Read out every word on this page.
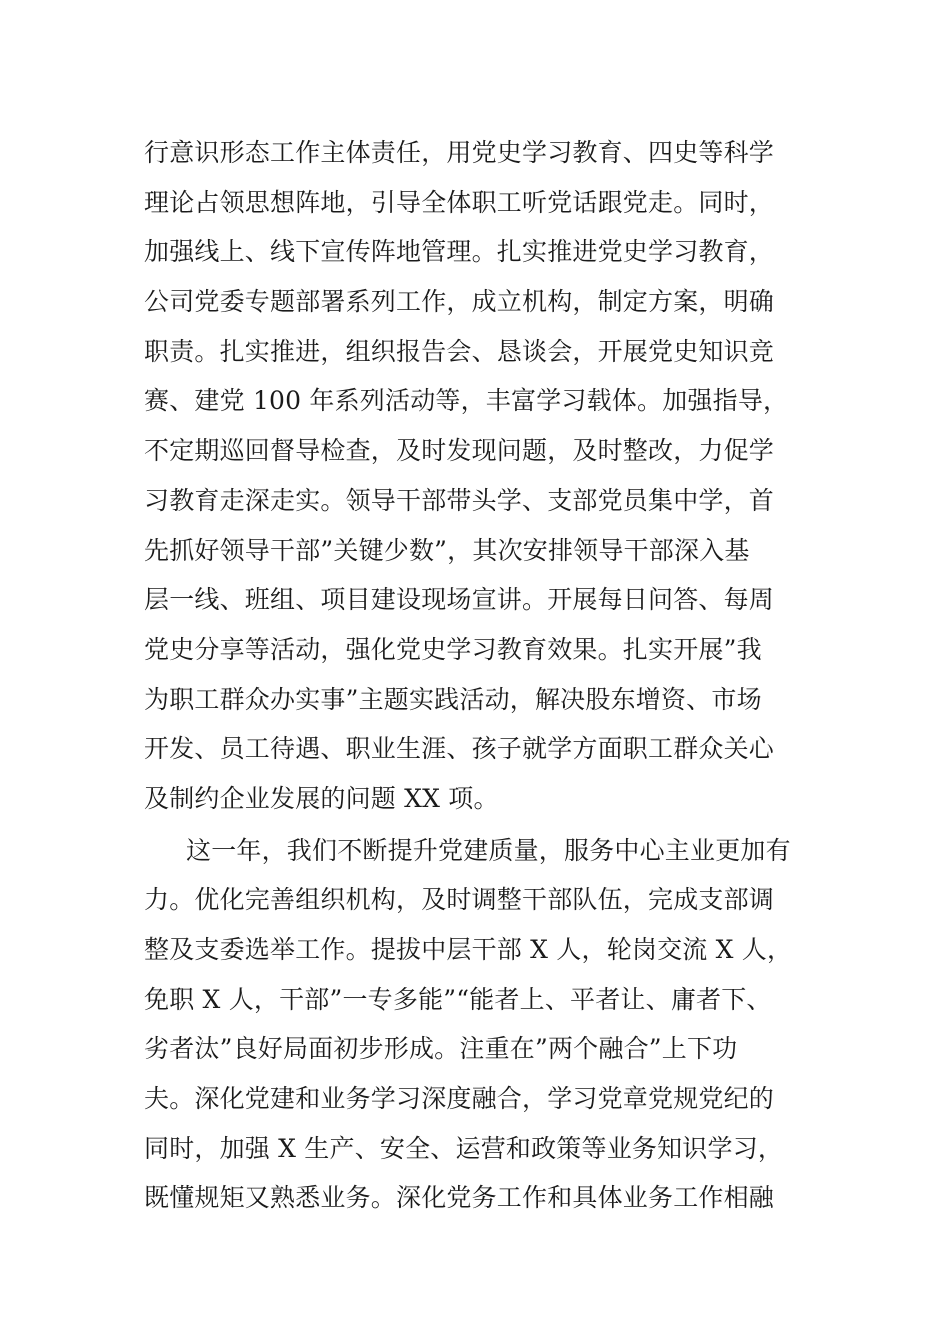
行意识形态工作主体责任，用党史学习教育、四史等科学
理论占领思想阵地，引导全体职工听党话跟党走。同时，
加强线上、线下宣传阵地管理。扎实推进党史学习教育，
公司党委专题部署系列工作，成立机构，制定方案，明确
职责。扎实推进，组织报告会、恳谈会，开展党史知识竞
赛、建党 100 年系列活动等，丰富学习载体。加强指导，
不定期巡回督导检查，及时发现问题，及时整改，力促学
习教育走深走实。领导干部带头学、支部党员集中学，首
先抓好领导干部”关键少数”，其次安排领导干部深入基
层一线、班组、项目建设现场宣讲。开展每日问答、每周
党史分享等活动，强化党史学习教育效果。扎实开展”我
为职工群众办实事”主题实践活动，解决股东增资、市场
开发、员工待遇、职业生涯、孩子就学方面职工群众关心
及制约企业发展的问题 XX 项。
这一年，我们不断提升党建质量，服务中心主业更加有
力。优化完善组织机构，及时调整干部队伍，完成支部调
整及支委选举工作。提拔中层干部 X 人，轮岗交流 X 人，
免职 X 人，干部”一专多能”“能者上、平者让、庸者下、
劣者汰”良好局面初步形成。注重在”两个融合”上下功
夫。深化党建和业务学习深度融合，学习党章党规党纪的
同时，加强 X 生产、安全、运营和政策等业务知识学习，
既懂规矩又熟悉业务。深化党务工作和具体业务工作相融
